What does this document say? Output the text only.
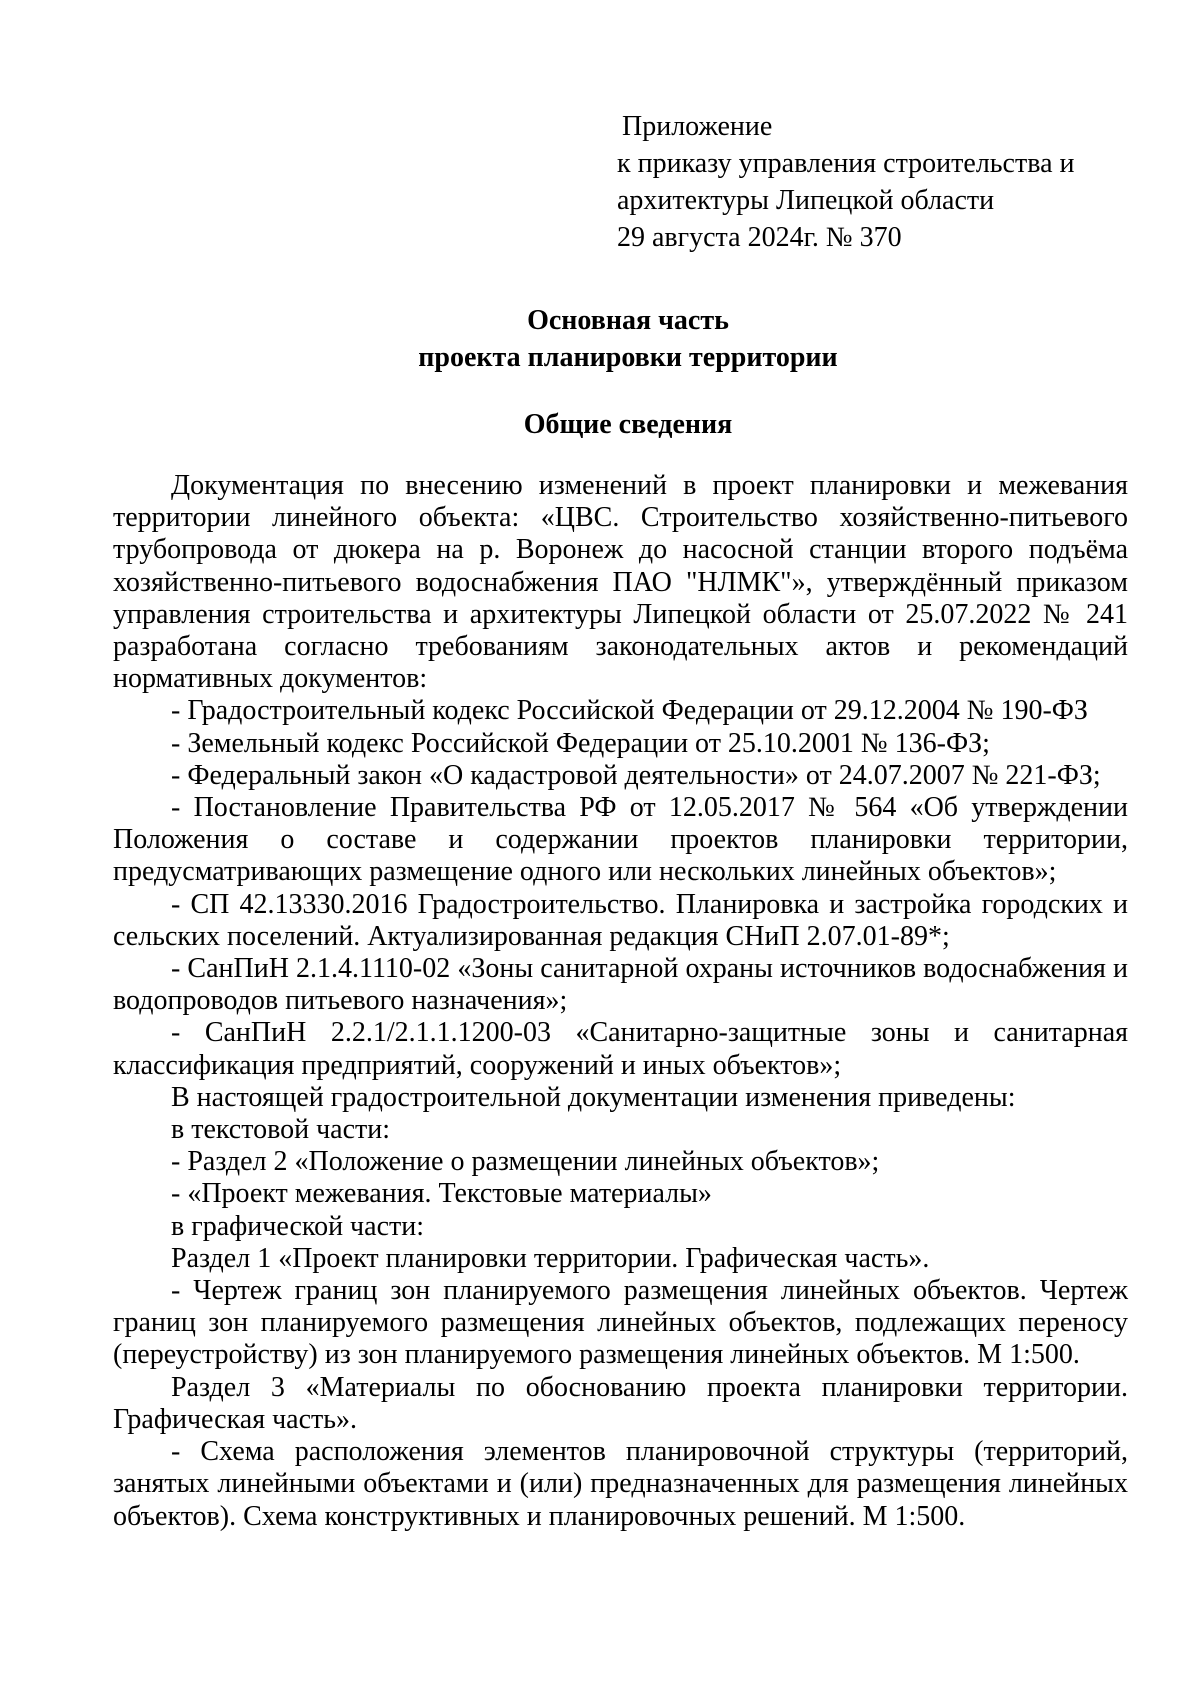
Приложение
к приказу управления строительства и
архитектуры Липецкой области
29 августа 2024г. № 370
Основная часть
проекта планировки территории
Общие сведения

Документация по внесению изменений в проект планировки и межевания территории линейного объекта: «ЦВС. Строительство хозяйственно-питьевого трубопровода от дюкера на р. Воронеж до насосной станции второго подъёма хозяйственно-питьевого водоснабжения ПАО "НЛМК"», утверждённый приказом управления строительства и архитектуры Липецкой области от 25.07.2022 № 241 разработана согласно требованиям законодательных актов и рекомендаций нормативных документов:

- Градостроительный кодекс Российской Федерации от 29.12.2004 № 190-ФЗ

- Земельный кодекс Российской Федерации от 25.10.2001 № 136-ФЗ;

- Федеральный закон «О кадастровой деятельности» от 24.07.2007 № 221-ФЗ;

- Постановление Правительства РФ от 12.05.2017 № 564 «Об утверждении Положения о составе и содержании проектов планировки территории, предусматривающих размещение одного или нескольких линейных объектов»;

- СП 42.13330.2016 Градостроительство. Планировка и застройка городских и сельских поселений. Актуализированная редакция СНиП 2.07.01-89*;

- СанПиН 2.1.4.1110-02 «Зоны санитарной охраны источников водоснабжения и водопроводов питьевого назначения»;

- СанПиН 2.2.1/2.1.1.1200-03 «Санитарно-защитные зоны и санитарная классификация предприятий, сооружений и иных объектов»;

В настоящей градостроительной документации изменения приведены:

в текстовой части:

- Раздел 2 «Положение о размещении линейных объектов»;

- «Проект межевания. Текстовые материалы»

в графической части:

Раздел 1 «Проект планировки территории. Графическая часть».

- Чертеж границ зон планируемого размещения линейных объектов. Чертеж границ зон планируемого размещения линейных объектов, подлежащих переносу (переустройству) из зон планируемого размещения линейных объектов. М 1:500.

Раздел 3 «Материалы по обоснованию проекта планировки территории. Графическая часть».

- Схема расположения элементов планировочной структуры (территорий, занятых линейными объектами и (или) предназначенных для размещения линейных объектов). Схема конструктивных и планировочных решений. М 1:500.
